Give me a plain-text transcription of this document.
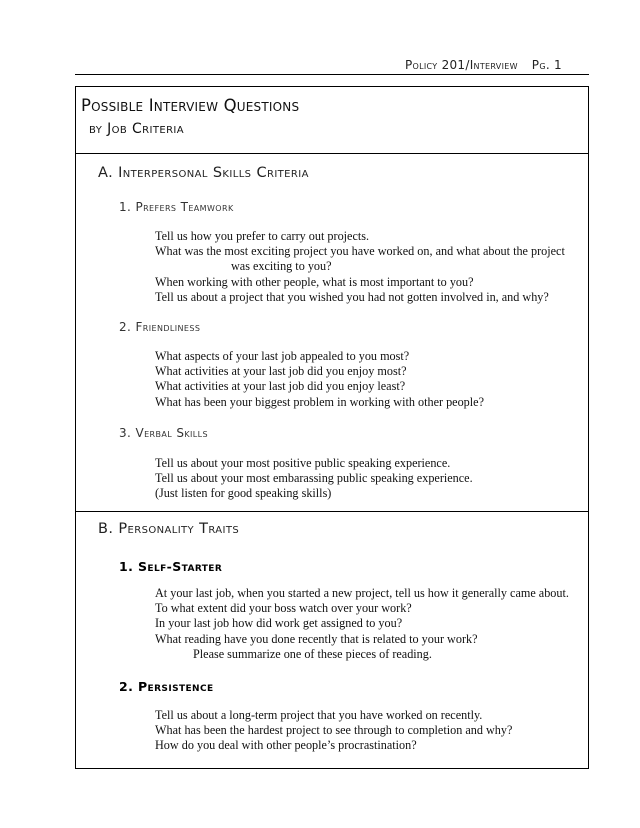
Policy 201/Interview Pg. 1
Possible Interview Questions
by Job Criteria
A. Interpersonal Skills Criteria
1. Prefers Teamwork
Tell us how you prefer to carry out projects.
What was the most exciting project you have worked on, and what about the project
was exciting to you?
When working with other people, what is most important to you?
Tell us about a project that you wished you had not gotten involved in, and why?
2. Friendliness
What aspects of your last job appealed to you most?
What activities at your last job did you enjoy most?
What activities at your last job did you enjoy least?
What has been your biggest problem in working with other people?
3. Verbal Skills
Tell us about your most positive public speaking experience.
Tell us about your most embarassing public speaking experience.
(Just listen for good speaking skills)
B. Personality Traits
1. Self-Starter
At your last job, when you started a new project, tell us how it generally came about.
To what extent did your boss watch over your work?
In your last job how did work get assigned to you?
What reading have you done recently that is related to your work?
Please summarize one of these pieces of reading.
2. Persistence
Tell us about a long-term project that you have worked on recently.
What has been the hardest project to see through to completion and why?
How do you deal with other people’s procrastination?
